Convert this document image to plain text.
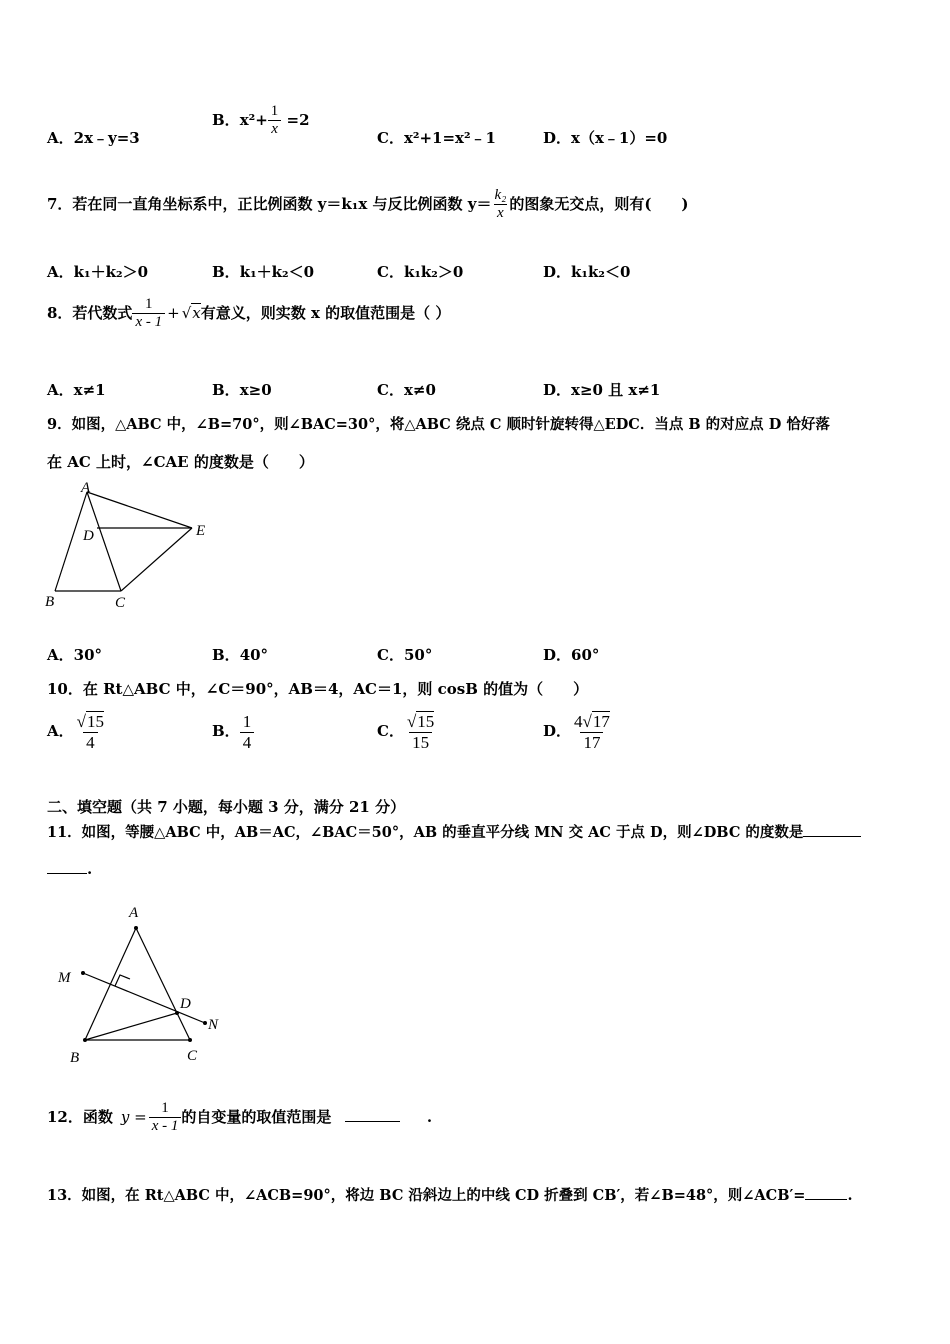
A．2x﹣y=3
B．$x^2+ \frac{1}{x} =2$
C．x²+1=x²﹣1	D．x（x﹣1）=0
7．若在同一直角坐标系中，正比例函数 y＝k₁x 与反比例函数 $y= \frac{\text{k₂}}{x}$ 的图象无交点，则有(　　)
A．k₁＋k₂＞0	B．k₁＋k₂＜0	C．k₁k₂＞0	D．k₁k₂＜0
8．若代数式 $\frac{1}{x - 1} + √x$有意义，则实数 x 的取值范围是（ ）
A．x≠1	B．x≥0	C．x≠0	D．x≥0 且 x≠1
9．如图，△ABC 中，∠B=70°，则∠BAC=30°，将△ABC 绕点 C 顺时针旋转得△EDC．当点 B 的对应点 D 恰好落
在 AC 上时，∠CAE 的度数是（　　）
A
D	E
B	C
A．30°	B．40°	C．50°	D．60°
10．在 Rt△ABC 中，∠C＝90°，AB＝4，AC＝1，则 cosB 的值为（　　）
A． $\frac{√15}{4}$	B． $\frac{1}{4}$	C． $\frac{√15}{15}$	D． $\frac{4√17}{17}$
二、填空题（共 7 小题，每小题 3 分，满分 21 分）
11．如图，等腰△ABC 中，AB＝AC，∠BAC＝50°，AB 的垂直平分线 MN 交 AC 于点 D，则∠DBC 的度数是
.
A
M
D
N
B	C
12．函数 $y = \frac{1}{x - 1}$ 的自变量的取值范围是	.
13．如图，在 Rt△ABC 中，∠ACB=90°，将边 BC 沿斜边上的中线 CD 折叠到 CB′，若∠B=48°，则∠ACB′=	.
